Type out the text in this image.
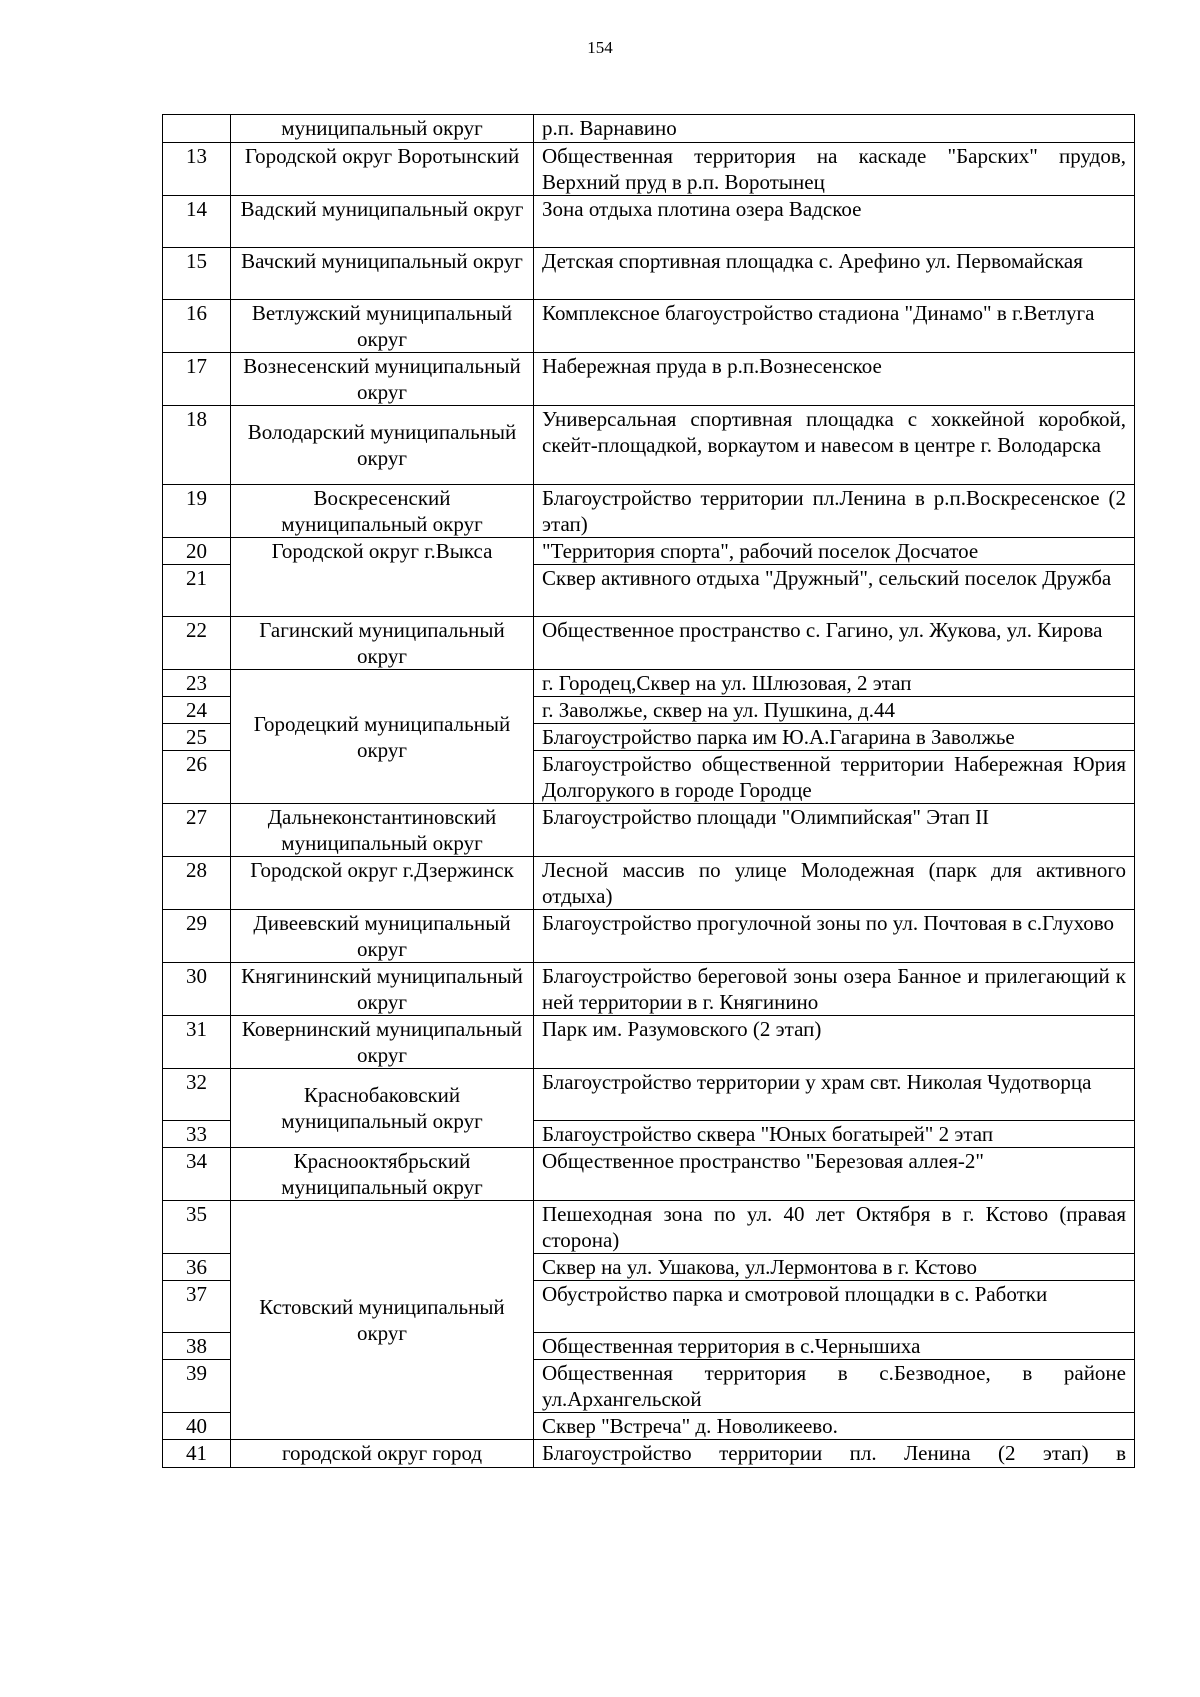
154
	муниципальный округ	р.п. Варнавино
13	Городской округ Воротынский	Общественная территория на каскаде "Барских" прудов, Верхний пруд в р.п. Воротынец
14	Вадский муниципальный округ	Зона отдыха плотина озера Вадское
15	Вачский муниципальный округ	Детская спортивная площадка с. Арефино ул. Первомайская
16	Ветлужский муниципальный округ	Комплексное благоустройство стадиона "Динамо" в г.Ветлуга
17	Вознесенский муниципальный округ	Набережная пруда в р.п.Вознесенское
18	Володарский муниципальный округ	Универсальная спортивная площадка с хоккейной коробкой, скейт-площадкой, воркаутом и навесом в центре г. Володарска
19	Воскресенский муниципальный округ	Благоустройство территории пл.Ленина в р.п.Воскресенское (2 этап)
20	Городской округ г.Выкса	"Территория спорта", рабочий поселок Досчатое
21		Сквер активного отдыха "Дружный", сельский поселок Дружба
22	Гагинский муниципальный округ	Общественное пространство с. Гагино, ул. Жукова, ул. Кирова
23	Городецкий муниципальный округ	г. Городец,Сквер на ул. Шлюзовая, 2 этап
24		г. Заволжье, сквер на ул. Пушкина, д.44
25		Благоустройство парка им Ю.А.Гагарина в Заволжье
26		Благоустройство общественной территории Набережная Юрия Долгорукого в городе Городце
27	Дальнеконстантиновский муниципальный округ	Благоустройство площади "Олимпийская" Этап II
28	Городской округ г.Дзержинск	Лесной массив по улице Молодежная (парк для активного отдыха)
29	Дивеевский муниципальный округ	Благоустройство прогулочной зоны по ул. Почтовая в с.Глухово
30	Княгининский муниципальный округ	Благоустройство береговой зоны озера Банное и прилегающий к ней территории в г. Княгинино
31	Ковернинский муниципальный округ	Парк им. Разумовского (2 этап)
32	Краснобаковский муниципальный округ	Благоустройство территории у храм свт. Николая Чудотворца
33		Благоустройство сквера "Юных богатырей" 2 этап
34	Краснооктябрьский муниципальный округ	Общественное пространство "Березовая аллея-2"
35	Кстовский муниципальный округ	Пешеходная зона по ул. 40 лет Октября в г. Кстово (правая сторона)
36		Сквер на ул. Ушакова, ул.Лермонтова в г. Кстово
37		Обустройство парка и смотровой площадки в с. Работки
38		Общественная территория в с.Чернышиха
39		Общественная территория в с.Безводное, в районе ул.Архангельской
40		Сквер "Встреча" д. Новоликеево.
41	городской округ город	Благоустройство территории пл. Ленина (2 этап) в
